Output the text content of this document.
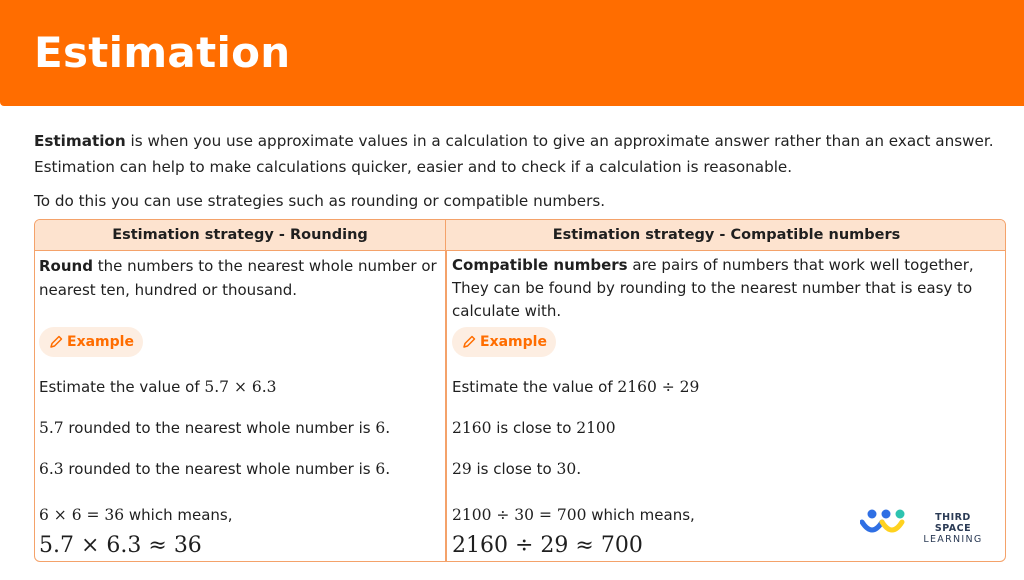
Estimation

Estimation is when you use approximate values in a calculation to give an approximate answer rather than an exact answer. Estimation can help to make calculations quicker, easier and to check if a calculation is reasonable.

To do this you can use strategies such as rounding or compatible numbers.

Estimation strategy - Rounding	Estimation strategy - Compatible numbers
Round the numbers to the nearest whole number or nearest ten, hundred or thousand.
Example
Estimate the value of 5.7 × 6.3
5.7 rounded to the nearest whole number is 6.
6.3 rounded to the nearest whole number is 6.
6 × 6 = 36 which means,
5.7 × 6.3 ≈ 36
Compatible numbers are pairs of numbers that work well together, They can be found by rounding to the nearest number that is easy to calculate with.
Example
Estimate the value of 2160 ÷ 29
2160 is close to 2100
29 is close to 30.
2100 ÷ 30 = 700 which means,
2160 ÷ 29 ≈ 700
THIRD SPACE
LEARNING
